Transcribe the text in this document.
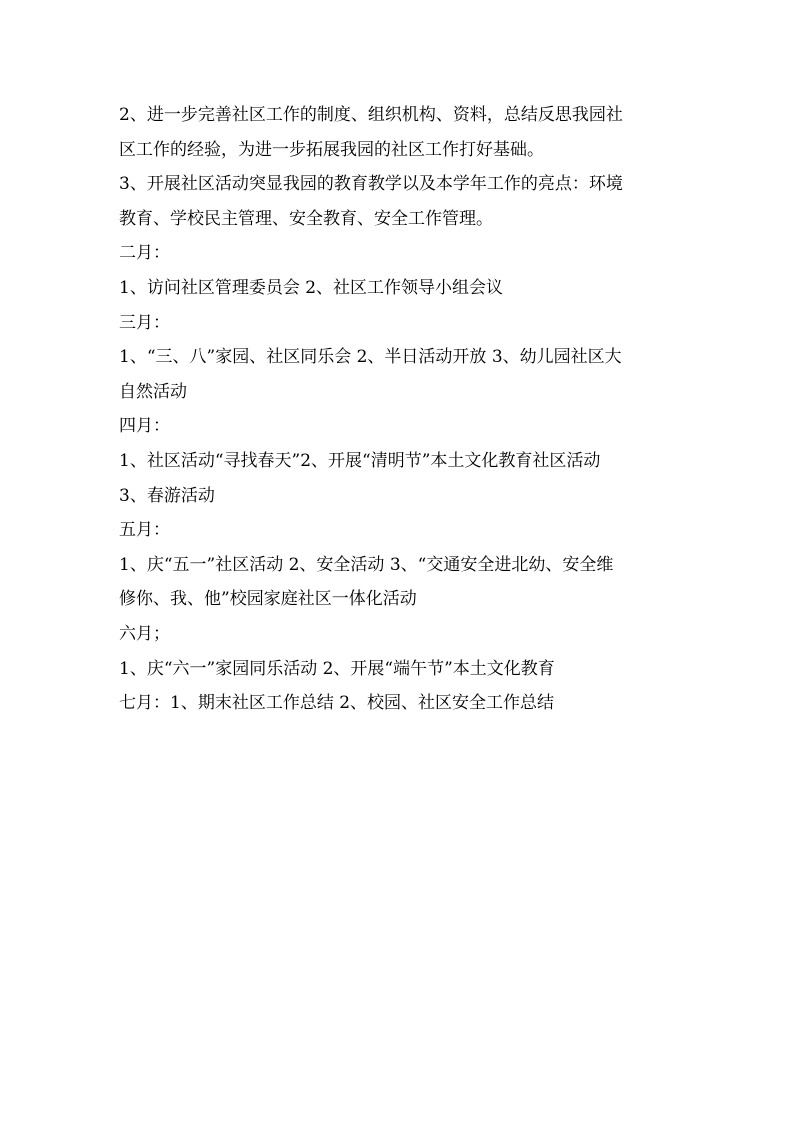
2、进一步完善社区工作的制度、组织机构、资料，总结反思我园社

区工作的经验，为进一步拓展我园的社区工作打好基础。

3、开展社区活动突显我园的教育教学以及本学年工作的亮点：环境

教育、学校民主管理、安全教育、安全工作管理。

二月：

1、访问社区管理委员会 2、社区工作领导小组会议

三月：

1、“三、八”家园、社区同乐会 2、半日活动开放 3、幼儿园社区大

自然活动

四月：

1、社区活动“寻找春天”2、开展“清明节”本土文化教育社区活动

3、春游活动

五月：

1、庆“五一”社区活动 2、安全活动 3、“交通安全进北幼、安全维

修你、我、他”校园家庭社区一体化活动

六月；

1、庆“六一”家园同乐活动 2、开展“端午节”本土文化教育

七月：1、期末社区工作总结 2、校园、社区安全工作总结
